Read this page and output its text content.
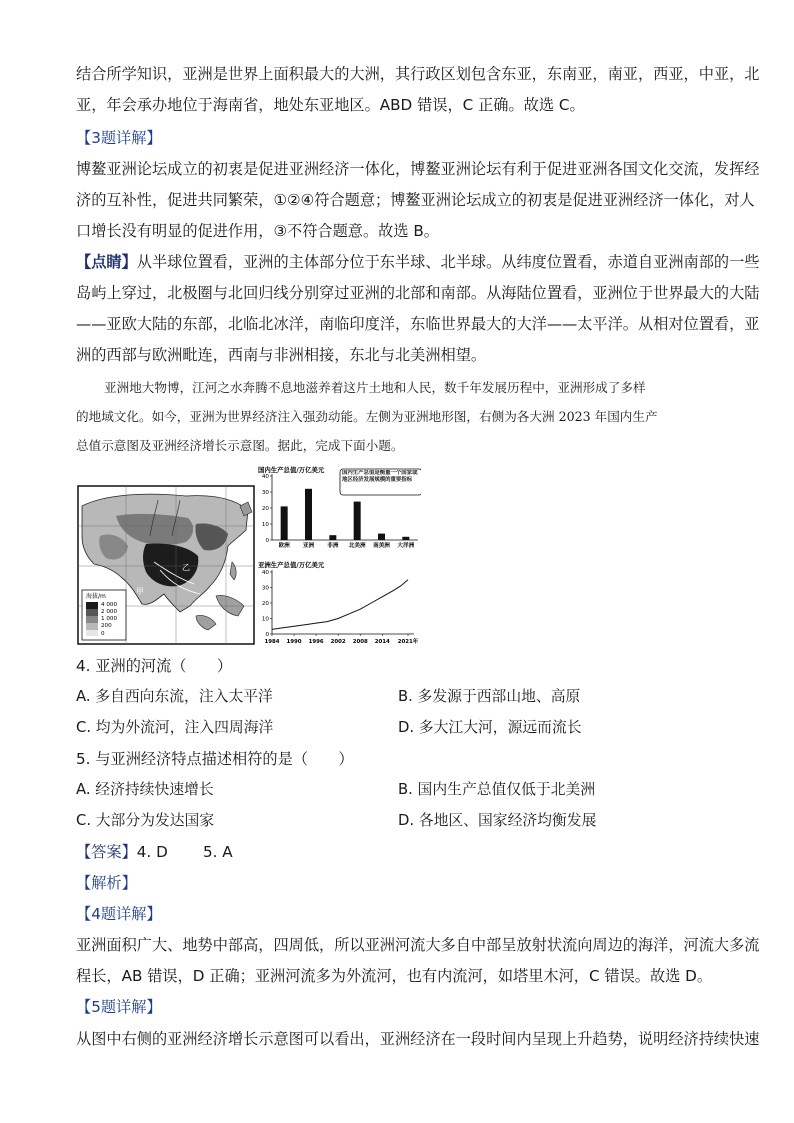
结合所学知识，亚洲是世界上面积最大的大洲，其行政区划包含东亚，东南亚，南亚，西亚，中亚，北
亚，年会承办地位于海南省，地处东亚地区。ABD 错误，C 正确。故选 C。
【3题详解】
博鳌亚洲论坛成立的初衷是促进亚洲经济一体化，博鳌亚洲论坛有利于促进亚洲各国文化交流，发挥经
济的互补性，促进共同繁荣，①②④符合题意；博鳌亚洲论坛成立的初衷是促进亚洲经济一体化，对人
口增长没有明显的促进作用，③不符合题意。故选 B。
【点睛】从半球位置看，亚洲的主体部分位于东半球、北半球。从纬度位置看，赤道自亚洲南部的一些
岛屿上穿过，北极圈与北回归线分别穿过亚洲的北部和南部。从海陆位置看，亚洲位于世界最大的大陆
——亚欧大陆的东部，北临北冰洋，南临印度洋，东临世界最大的大洋——太平洋。从相对位置看，亚
洲的西部与欧洲毗连，西南与非洲相接，东北与北美洲相望。
亚洲地大物博，江河之水奔腾不息地滋养着这片土地和人民，数千年发展历程中，亚洲形成了多样
的地域文化。如今，亚洲为世界经济注入强劲动能。左侧为亚洲地形图，右侧为各大洲 2023 年国内生产
总值示意图及亚洲经济增长示意图。据此，完成下面小题。
甲
乙
海拔/m
4 000
2 000
1 000
200
0
国内生产总值/万亿美元	国内生产总值是衡量一个国家或地区经济发展规模的重要指标
0
10
20
30
40
欧洲 亚洲 非洲 北美洲 南美洲 大洋洲
亚洲生产总值/万亿美元
0
10
20
30
40
1984 1990 1996 2002 2008 2014 2021年
4. 亚洲的河流（　　）
A. 多自西向东流，注入太平洋	B. 多发源于西部山地、高原
C. 均为外流河，注入四周海洋	D. 多大江大河，源远而流长
5. 与亚洲经济特点描述相符的是（　　）
A. 经济持续快速增长	B. 国内生产总值仅低于北美洲
C. 大部分为发达国家	D. 各地区、国家经济均衡发展
【答案】4. D　　 5. A
【解析】
【4题详解】
亚洲面积广大、地势中部高，四周低，所以亚洲河流大多自中部呈放射状流向周边的海洋，河流大多流
程长，AB 错误，D 正确；亚洲河流多为外流河，也有内流河，如塔里木河，C 错误。故选 D。
【5题详解】
从图中右侧的亚洲经济增长示意图可以看出，亚洲经济在一段时间内呈现上升趋势，说明经济持续快速
